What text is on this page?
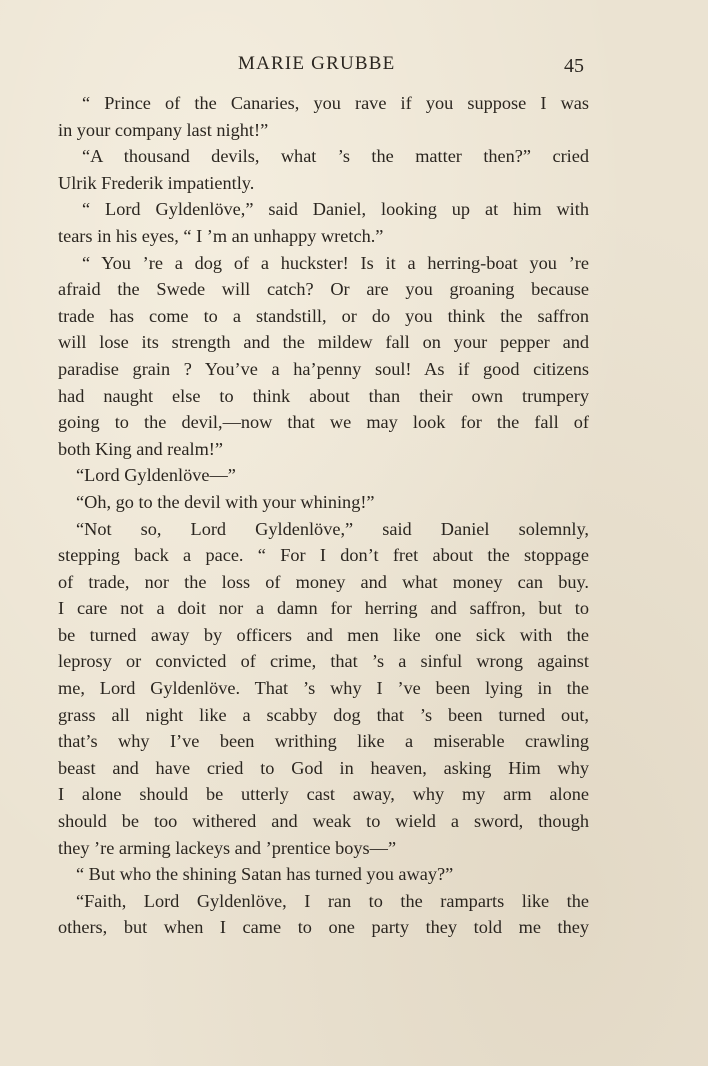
MARIE GRUBBE	45
“ Prince of the Canaries, you rave if you suppose I was
in your company last night!”
“A thousand devils, what ’s the matter then?” cried
Ulrik Frederik impatiently.
“ Lord Gyldenlöve,” said Daniel, looking up at him with
tears in his eyes, “ I ’m an unhappy wretch.”
“ You ’re a dog of a huckster! Is it a herring-boat you ’re
afraid the Swede will catch? Or are you groaning because
trade has come to a standstill, or do you think the saffron
will lose its strength and the mildew fall on your pepper and
paradise grain ? You’ve a ha’penny soul! As if good citizens
had naught else to think about than their own trumpery
going to the devil,—now that we may look for the fall of
both King and realm!”
“Lord Gyldenlöve—”
“Oh, go to the devil with your whining!”
“Not so, Lord Gyldenlöve,” said Daniel solemnly,
stepping back a pace. “ For I don’t fret about the stoppage
of trade, nor the loss of money and what money can buy.
I care not a doit nor a damn for herring and saffron, but to
be turned away by officers and men like one sick with the
leprosy or convicted of crime, that ’s a sinful wrong against
me, Lord Gyldenlöve. That ’s why I ’ve been lying in the
grass all night like a scabby dog that ’s been turned out,
that’s why I’ve been writhing like a miserable crawling
beast and have cried to God in heaven, asking Him why
I alone should be utterly cast away, why my arm alone
should be too withered and weak to wield a sword, though
they ’re arming lackeys and ’prentice boys—”
“ But who the shining Satan has turned you away?”
“Faith, Lord Gyldenlöve, I ran to the ramparts like the
others, but when I came to one party they told me they
